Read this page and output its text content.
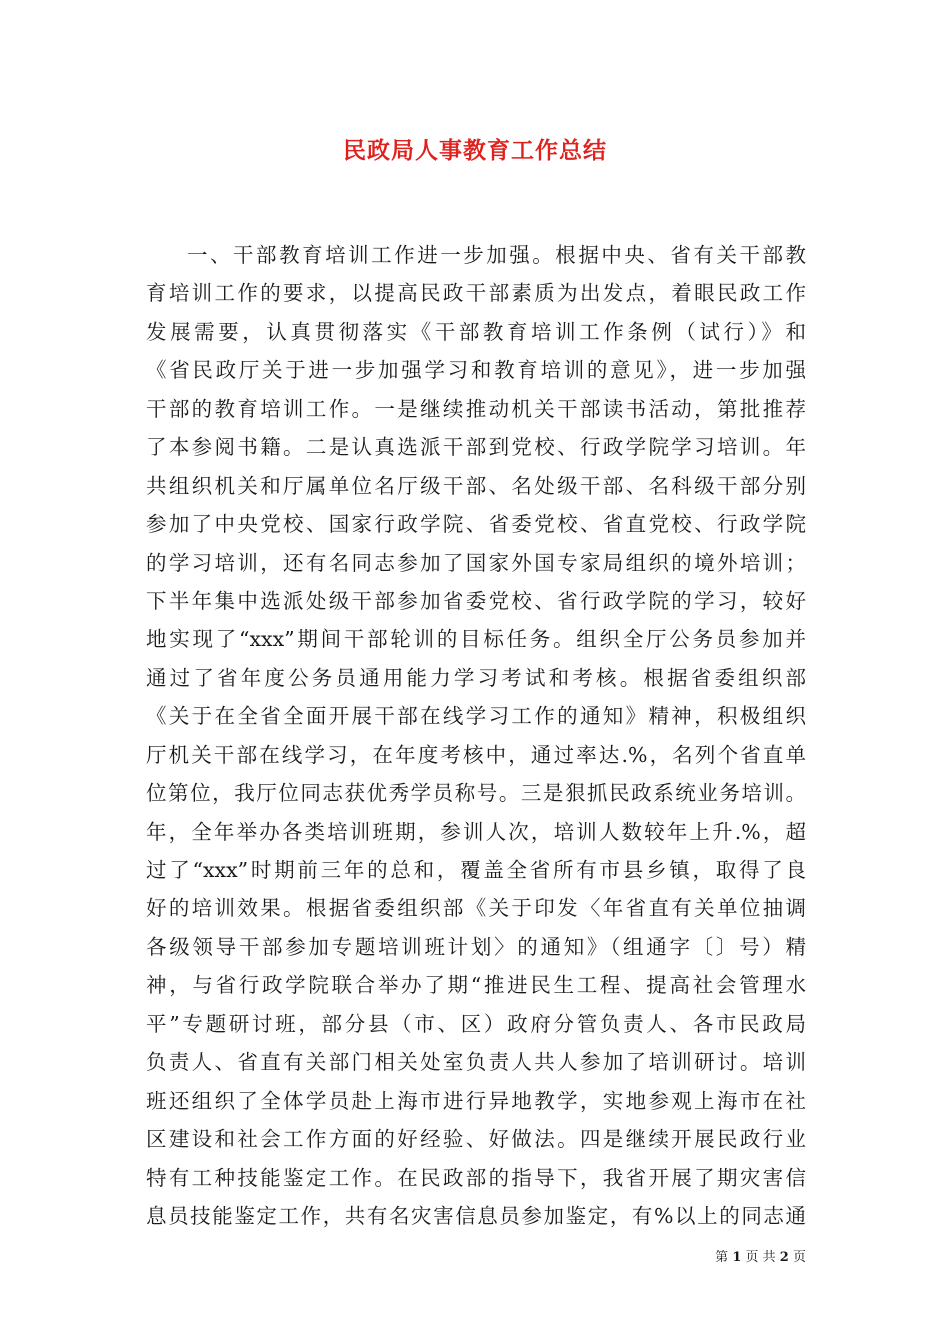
民政局人事教育工作总结
一、干部教育培训工作进一步加强。根据中央、省有关干部教
育培训工作的要求，以提高民政干部素质为出发点，着眼民政工作
发展需要，认真贯彻落实《干部教育培训工作条例（试行）》和
《省民政厅关于进一步加强学习和教育培训的意见》，进一步加强
干部的教育培训工作。一是继续推动机关干部读书活动，第批推荐
了本参阅书籍。二是认真选派干部到党校、行政学院学习培训。年
共组织机关和厅属单位名厅级干部、名处级干部、名科级干部分别
参加了中央党校、国家行政学院、省委党校、省直党校、行政学院
的学习培训，还有名同志参加了国家外国专家局组织的境外培训；
下半年集中选派处级干部参加省委党校、省行政学院的学习，较好
地实现了“xxx”期间干部轮训的目标任务。组织全厅公务员参加并
通过了省年度公务员通用能力学习考试和考核。根据省委组织部
《关于在全省全面开展干部在线学习工作的通知》精神，积极组织
厅机关干部在线学习，在年度考核中，通过率达.%，名列个省直单
位第位，我厅位同志获优秀学员称号。三是狠抓民政系统业务培训。
年，全年举办各类培训班期，参训人次，培训人数较年上升.%，超
过了“xxx”时期前三年的总和，覆盖全省所有市县乡镇，取得了良
好的培训效果。根据省委组织部《关于印发〈年省直有关单位抽调
各级领导干部参加专题培训班计划〉的通知》（组通字〔〕号）精
神，与省行政学院联合举办了期“推进民生工程、提高社会管理水
平”专题研讨班，部分县（市、区）政府分管负责人、各市民政局
负责人、省直有关部门相关处室负责人共人参加了培训研讨。培训
班还组织了全体学员赴上海市进行异地教学，实地参观上海市在社
区建设和社会工作方面的好经验、好做法。四是继续开展民政行业
特有工种技能鉴定工作。在民政部的指导下，我省开展了期灾害信
息员技能鉴定工作，共有名灾害信息员参加鉴定，有%以上的同志通
第 1 页 共 2 页
